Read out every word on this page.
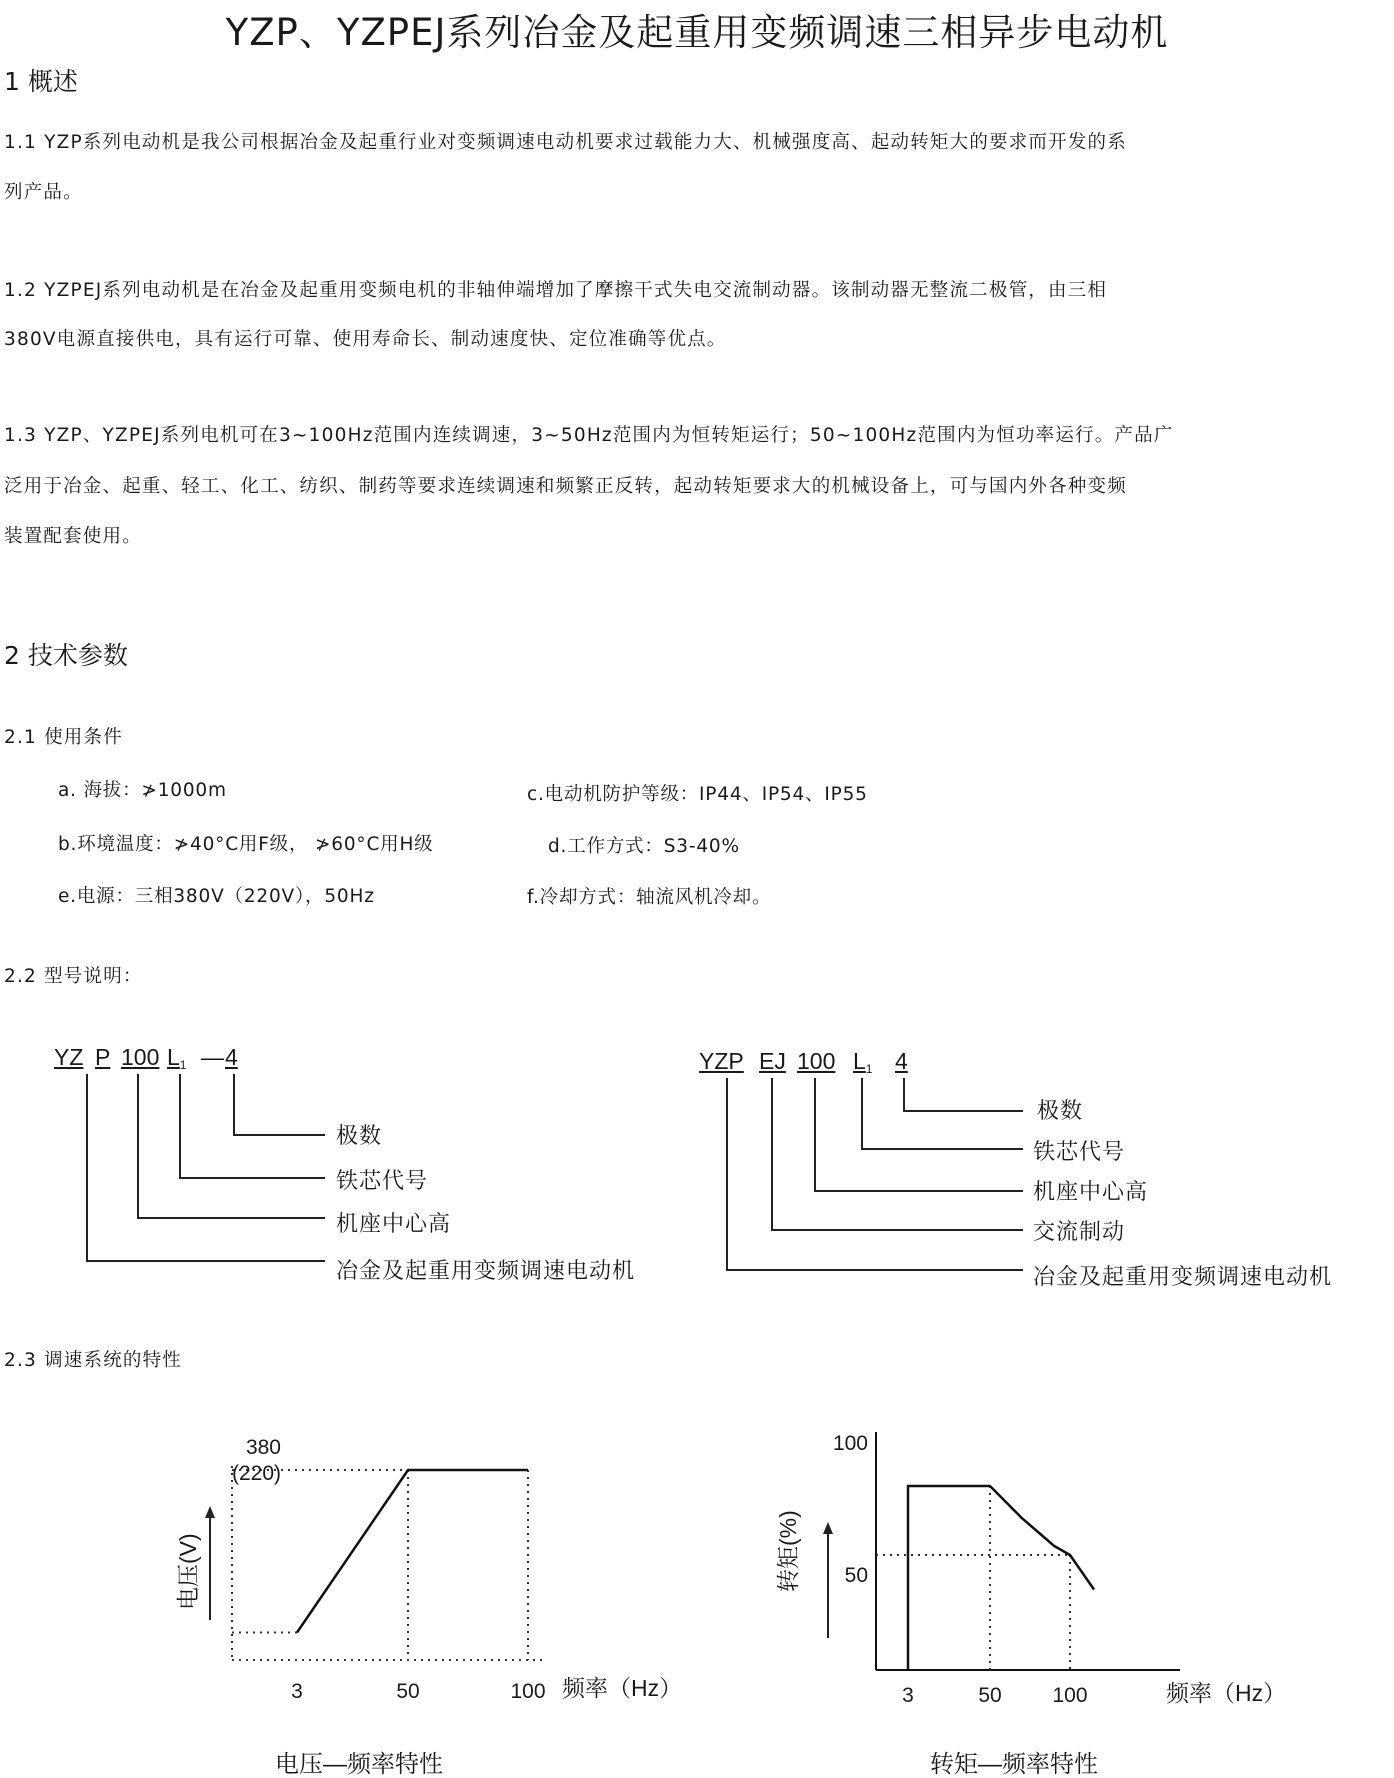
YZP、YZPEJ系列冶金及起重用变频调速三相异步电动机
1 概述
1.1 YZP系列电动机是我公司根据冶金及起重行业对变频调速电动机要求过载能力大、机械强度高、起动转矩大的要求而开发的系
列产品。
1.2 YZPEJ系列电动机是在冶金及起重用变频电机的非轴伸端增加了摩擦干式失电交流制动器。该制动器无整流二极管，由三相
380V电源直接供电，具有运行可靠、使用寿命长、制动速度快、定位准确等优点。
1.3 YZP、YZPEJ系列电机可在3~100Hz范围内连续调速，3~50Hz范围内为恒转矩运行；50~100Hz范围内为恒功率运行。产品广
泛用于冶金、起重、轻工、化工、纺织、制药等要求连续调速和频繁正反转，起动转矩要求大的机械设备上，可与国内外各种变频
装置配套使用。
2 技术参数
2.1 使用条件
a. 海拔：≯1000m	c.电动机防护等级：IP44、IP54、IP55
b.环境温度：≯40°C用F级， ≯60°C用H级	d.工作方式：S3-40%
e.电源：三相380V（220V），50Hz	f.冷却方式：轴流风机冷却。
2.2 型号说明：
YZ P 100 L1 — 4
极数
铁芯代号
机座中心高
冶金及起重用变频调速电动机
YZP EJ 100 L1 4
极数
铁芯代号
机座中心高
交流制动
冶金及起重用变频调速电动机
2.3 调速系统的特性
380
(220)
3	50	100 频率（Hz）
电压(V)
电压—频率特性
100
50
3	50 100	频率（Hz）
转矩(%)
转矩—频率特性
